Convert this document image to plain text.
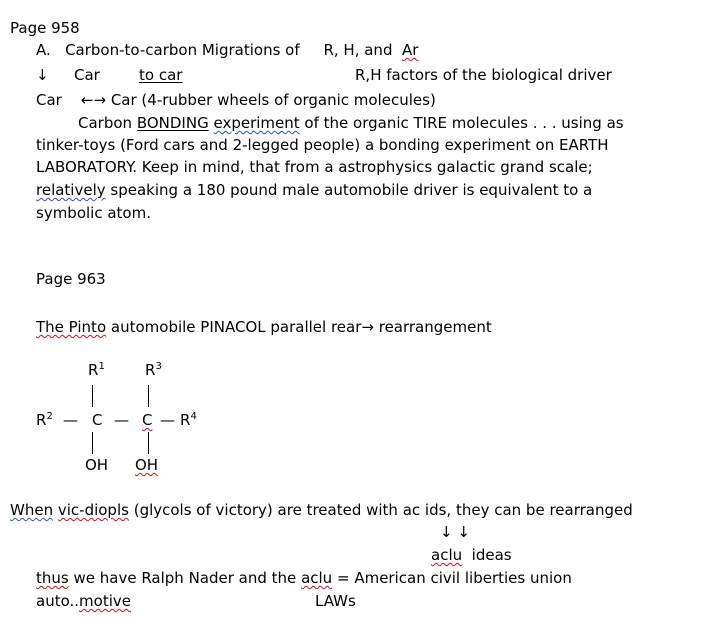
Page 958
A. Carbon-to-carbon Migrations of R, H, and Ar
↓ Car	to car	R,H factors of the biological driver
Car ←→ Car (4-rubber wheels of organic molecules)
Carbon BONDING experiment of the organic TIRE molecules . . . using as
tinker-toys (Ford cars and 2-legged people) a bonding experiment on EARTH
LABORATORY. Keep in mind, that from a astrophysics galactic grand scale;
relatively speaking a 180 pound male automobile driver is equivalent to a
symbolic atom.
Page 963
The Pinto automobile PINACOL parallel rear→ rearrangement
$R^1$	$R^3$
$R^2$ — C — C — $R^4$
OH OH
When vic-diopls (glycols of victory) are treated with ac ids, they can be rearranged
↓ ↓
aclu ideas
thus we have Ralph Nader and the aclu = American civil liberties union
auto..motive	LAWs
